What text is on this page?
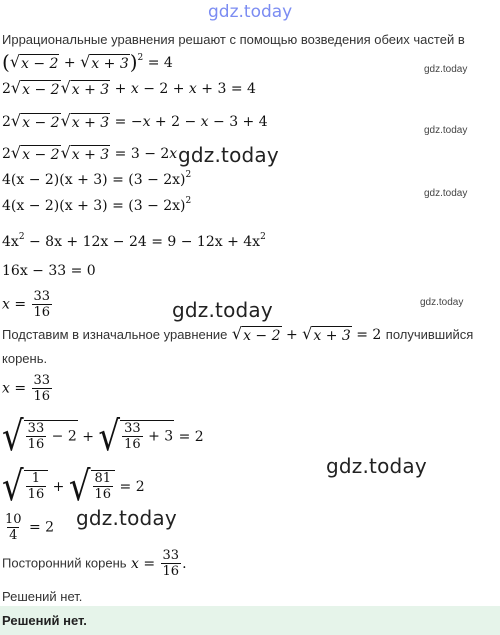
gdz.today
Иррациональные уравнения решают с помощью возведения обеих частей в
( √ x − 2 + √ x + 3 )$^2$ = 4	gdz.today
2 √ x − 2 √ x + 3 + x − 2 + x + 3 = 4
2 √ x − 2 √ x + 3 = −x + 2 − x − 3 + 4
gdz.today
2 √ x − 2 √ x + 3 = 3 − 2x gdz.today
$4(x - 2)(x + 3) = (3 - 2x)^2$
gdz.today
$4(x - 2)(x + 3) = (3 - 2x)^2$
$4x^2 - 8x + 12x - 24 = 9 - 12x + 4x^2$
16x − 33 = 0
$x = \frac{33}{16}$	gdz.today	gdz.today
Подставим в изначальное уравнение √ x − 2 + √ x + 3 = 2 получившийся
корень.
$x = \frac{33}{16}$
√ $\frac{33}{16} - 2$ + √ $\frac{33}{16} + 3 = 2$
√ $\frac{1}{16}$ + √ $\frac{81}{16} = 2$
gdz.today
$\frac{10}{4} = 2$ gdz.today
Посторонний корень $x = \frac{33}{16}$ .
Решений нет.
Решений нет.
